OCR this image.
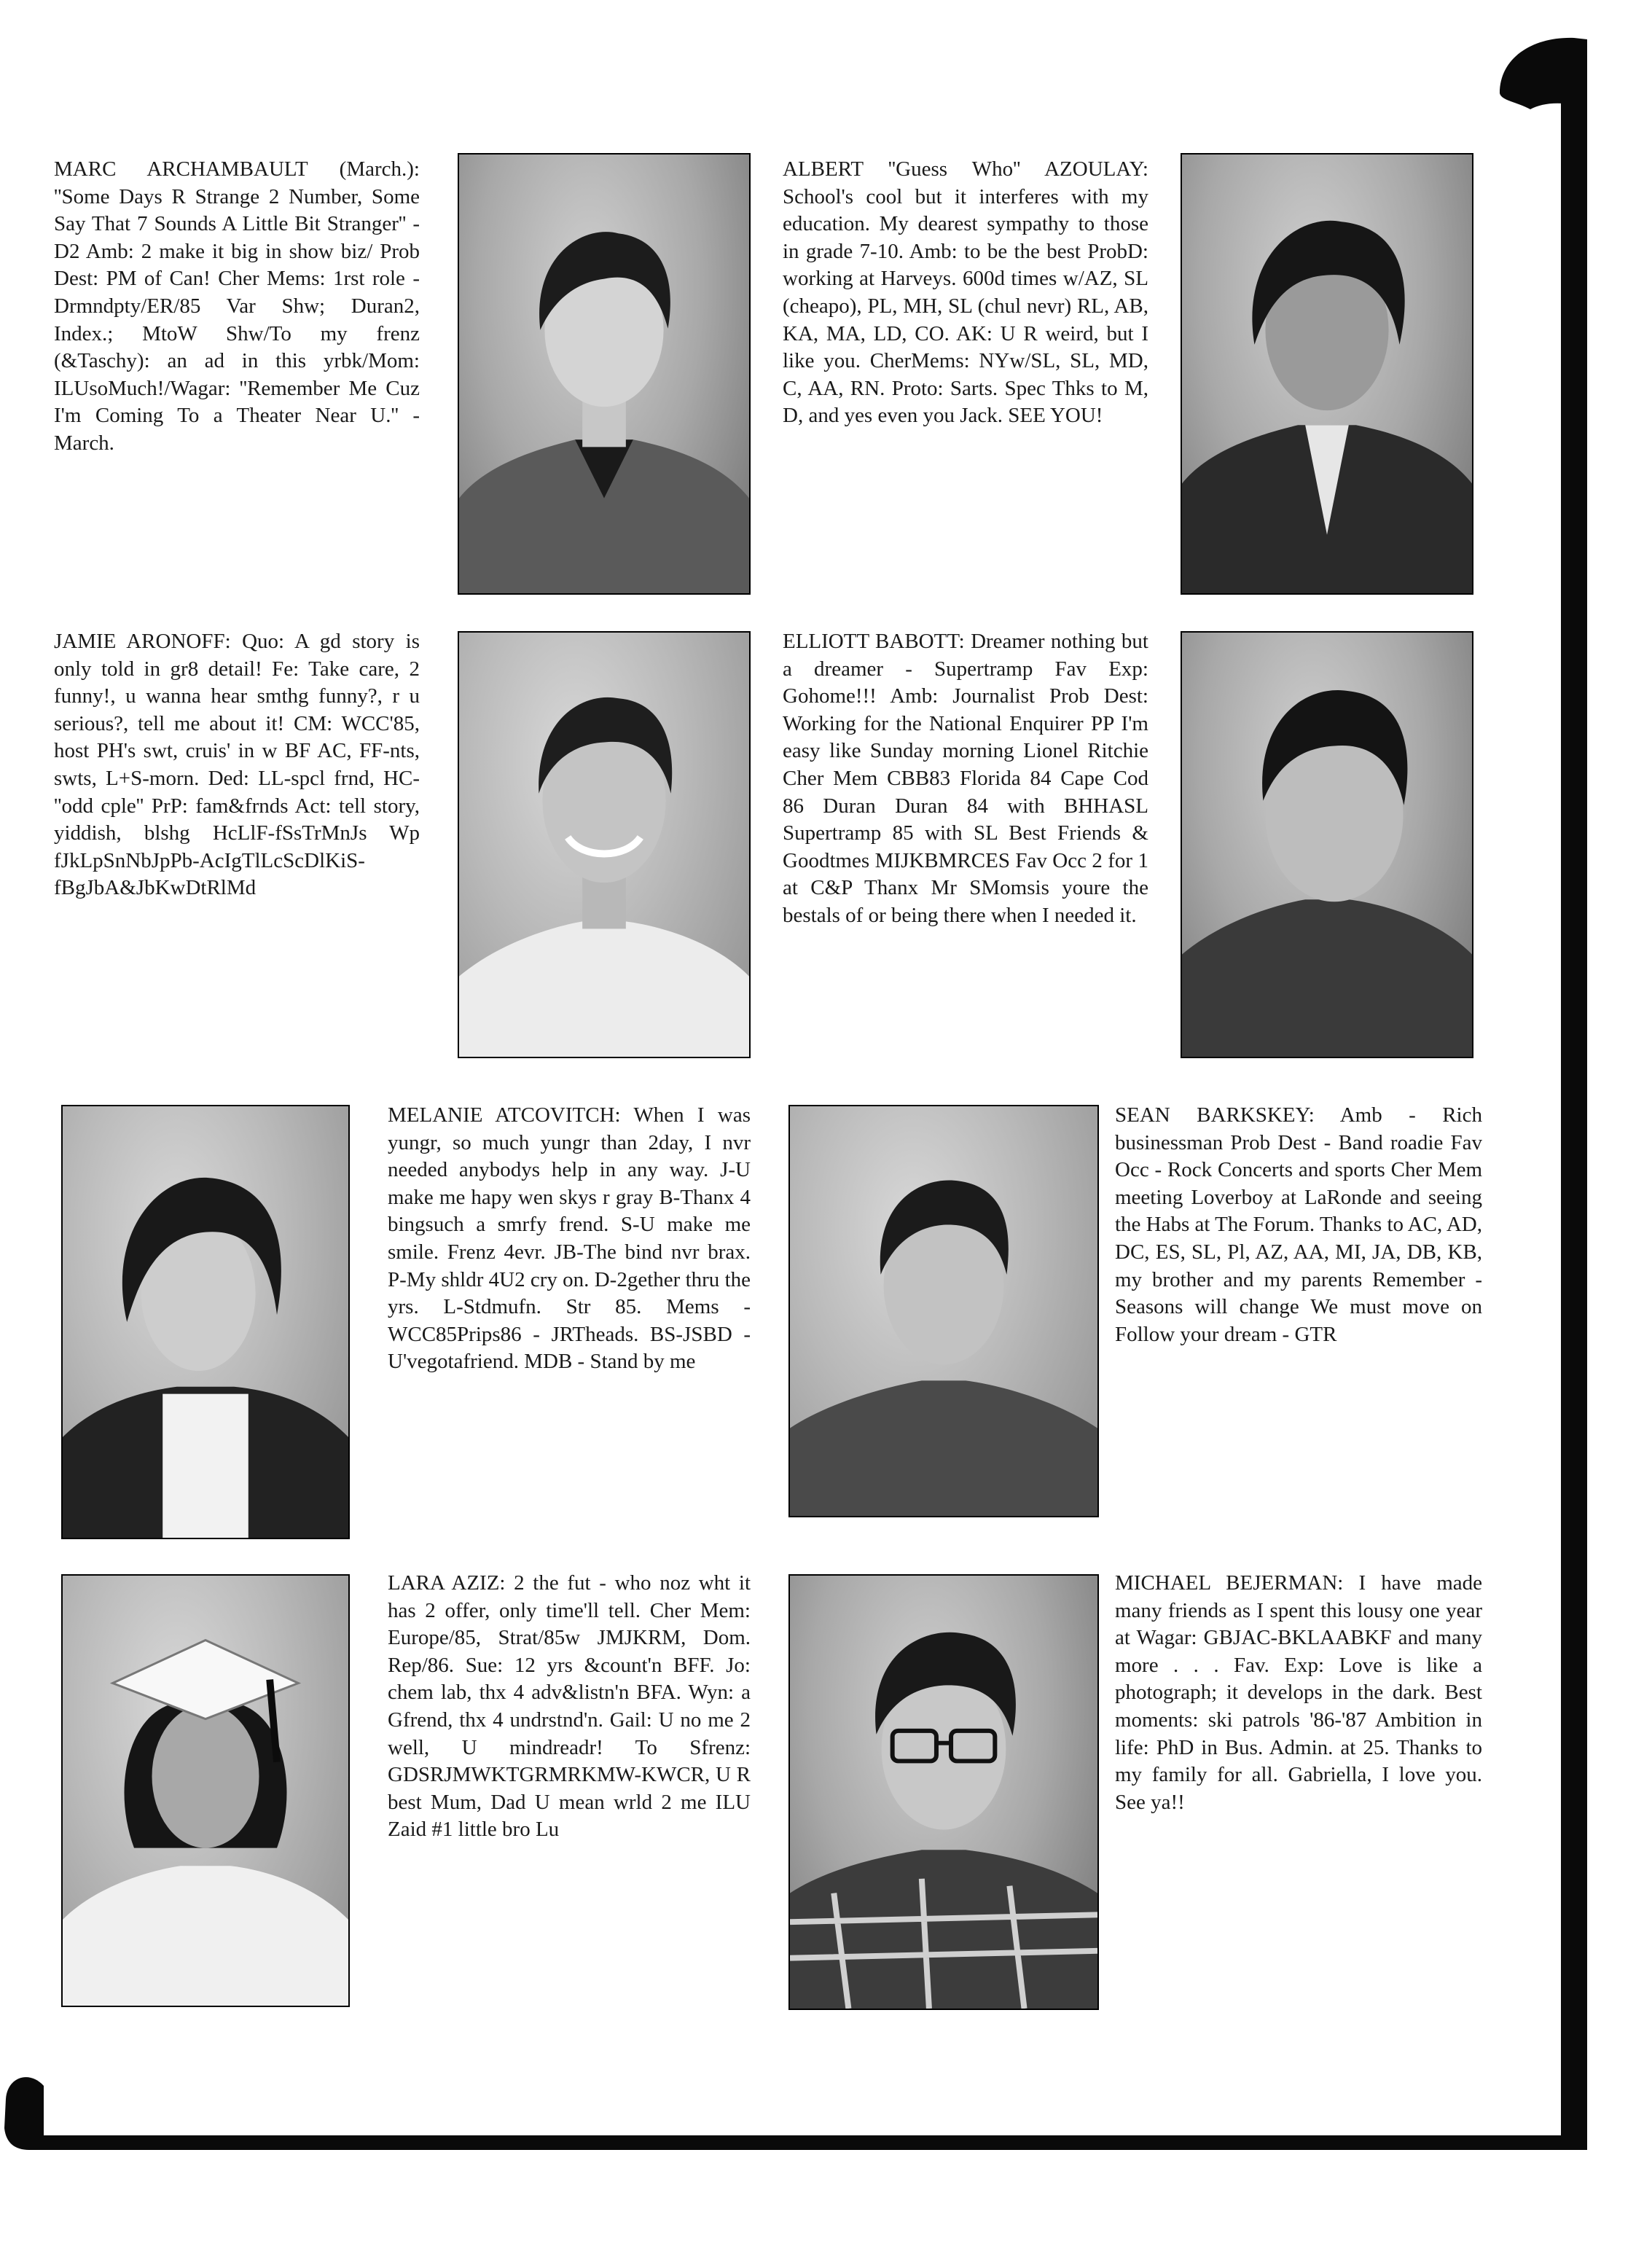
MARC ARCHAMBAULT (March.): ''Some Days R Strange 2 Number, Some Say That 7 Sounds A Little Bit Stranger'' - D2 Amb: 2 make it big in show biz/ Prob Dest: PM of Can! Cher Mems: 1rst role - Drmndpty/ER/85 Var Shw; Duran2, Index.; MtoW Shw/To my frenz (&Taschy): an ad in this yrbk/Mom: ILUsoMuch!/Wagar: ''Remember Me Cuz I'm Coming To a Theater Near U.'' - March.

ALBERT ''Guess Who'' AZOULAY: School's cool but it interferes with my education. My dearest sympathy to those in grade 7-10. Amb: to be the best ProbD: working at Harveys. 600d times w/AZ, SL (cheapo), PL, MH, SL (chul nevr) RL, AB, KA, MA, LD, CO. AK: U R weird, but I like you. CherMems: NYw/SL, SL, MD, C, AA, RN. Proto: Sarts. Spec Thks to M, D, and yes even you Jack. SEE YOU!

JAMIE ARONOFF: Quo: A gd story is only told in gr8 detail! Fe: Take care, 2 funny!, u wanna hear smthg funny?, r u serious?, tell me about it! CM: WCC'85, host PH's swt, cruis' in w BF AC, FF-nts, swts, L+S-morn. Ded: LL-spcl frnd, HC-''odd cple'' PrP: fam&frnds Act: tell story, yiddish, blshg HcLlF-fSsTrMnJs Wp fJkLpSnNbJpPb-AcIgTlLcScDlKiS-fBgJbA&JbKwDtRlMd

ELLIOTT BABOTT: Dreamer nothing but a dreamer - Supertramp Fav Exp: Gohome!!! Amb: Journalist Prob Dest: Working for the National Enquirer PP I'm easy like Sunday morning Lionel Ritchie Cher Mem CBB83 Florida 84 Cape Cod 86 Duran Duran 84 with BHHASL Supertramp 85 with SL Best Friends & Goodtmes MIJKBMRCES Fav Occ 2 for 1 at C&P Thanx Mr SMomsis youre the bestals of or being there when I needed it.

MELANIE ATCOVITCH: When I was yungr, so much yungr than 2day, I nvr needed anybodys help in any way. J-U make me hapy wen skys r gray B-Thanx 4 bingsuch a smrfy frend. S-U make me smile. Frenz 4evr. JB-The bind nvr brax. P-My shldr 4U2 cry on. D-2gether thru the yrs. L-Stdmufn. Str 85. Mems - WCC85Prips86 - JRTheads. BS-JSBD - U'vegotafriend. MDB - Stand by me

SEAN BARKSKEY: Amb - Rich businessman Prob Dest - Band roadie Fav Occ - Rock Concerts and sports Cher Mem meeting Loverboy at LaRonde and seeing the Habs at The Forum. Thanks to AC, AD, DC, ES, SL, Pl, AZ, AA, MI, JA, DB, KB, my brother and my parents Remember - Seasons will change We must move on Follow your dream - GTR

LARA AZIZ: 2 the fut - who noz wht it has 2 offer, only time'll tell. Cher Mem: Europe/85, Strat/85w JMJKRM, Dom. Rep/86. Sue: 12 yrs &count'n BFF. Jo: chem lab, thx 4 adv&listn'n BFA. Wyn: a Gfrend, thx 4 undrstnd'n. Gail: U no me 2 well, U mindreadr! To Sfrenz: GDSRJMWKTGRMRKMW-KWCR, U R best Mum, Dad U mean wrld 2 me ILU Zaid #1 little bro Lu

MICHAEL BEJERMAN: I have made many friends as I spent this lousy one year at Wagar: GBJAC-BKLAABKF and many more . . . Fav. Exp: Love is like a photograph; it develops in the dark. Best moments: ski patrols '86-'87 Ambition in life: PhD in Bus. Admin. at 25. Thanks to my family for all. Gabriella, I love you. See ya!!
